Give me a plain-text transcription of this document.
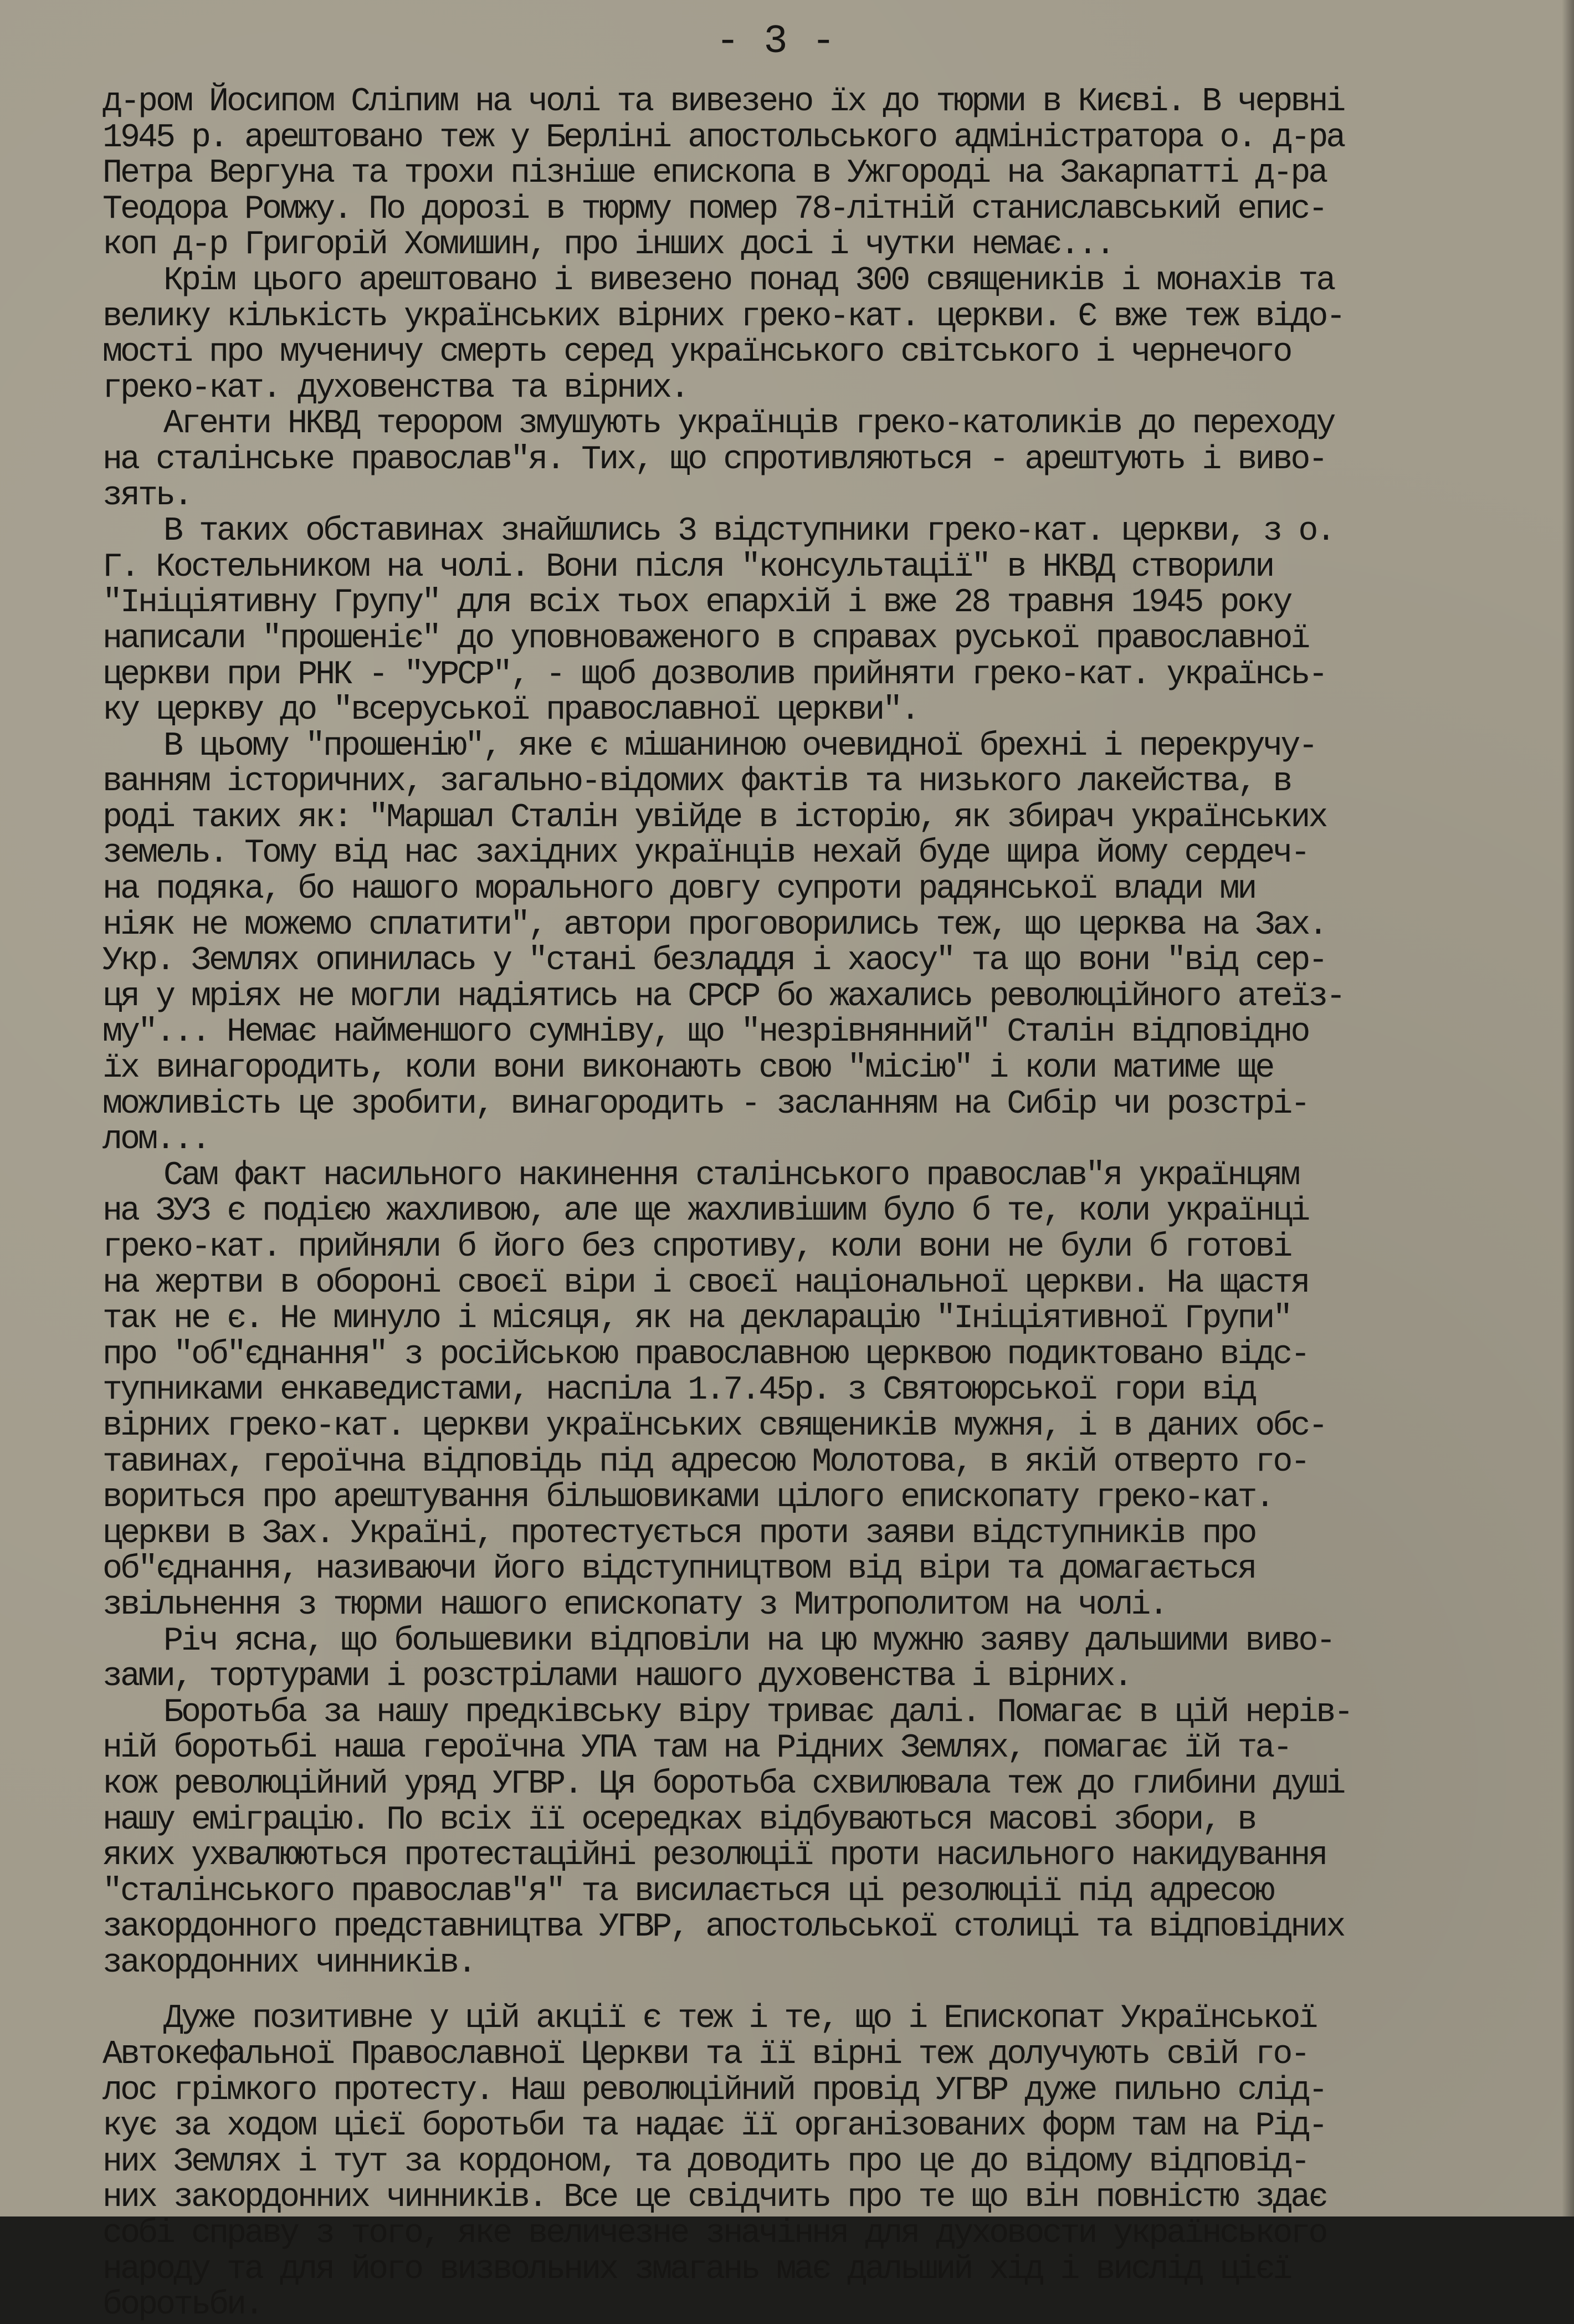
- 3 -
д-ром Йосипом Сліпим на чолі та вивезено їх до тюрми в Києві. В червні
1945 р. арештовано теж у Берліні апостольського адміністратора о. д-ра
Петра Вергуна та трохи пізніше епископа в Ужгороді на Закарпатті д-ра
Теодора Ромжу. По дорозі в тюрму помер 78-літній станиславський епис-
коп д-р Григорій Хомишин, про інших досі і чутки немає...
Крім цього арештовано і вивезено понад 300 священиків і монахів та
велику кількість українських вірних греко-кат. церкви. Є вже теж відо-
мості про мученичу смерть серед українського світського і чернечого
греко-кат. духовенства та вірних.
Агенти НКВД терором змушують українців греко-католиків до переходу
на сталінське православ"я. Тих, що спротивляються - арештують і виво-
зять.
В таких обставинах знайшлись 3 відступники греко-кат. церкви, з о.
Г. Костельником на чолі. Вони після "консультації" в НКВД створили
"Ініціятивну Групу" для всіх тьох епархій і вже 28 травня 1945 року
написали "прошеніє" до уповноваженого в справах руської православної
церкви при РНК - "УРСР", - щоб дозволив прийняти греко-кат. українсь-
ку церкву до "всеруської православної церкви".
В цьому "прошенію", яке є мішаниною очевидної брехні і перекручу-
ванням історичних, загально-відомих фактів та низького лакейства, в
роді таких як: "Маршал Сталін увійде в історію, як збирач українських
земель. Тому від нас західних українців нехай буде щира йому сердеч-
на подяка, бо нашого морального довгу супроти радянської влади ми
ніяк не можемо сплатити", автори проговорились теж, що церква на Зах.
Укр. Землях опинилась у "стані безладдя і хаосу" та що вони "від сер-
ця у мріях не могли надіятись на СРСР бо жахались революційного атеїз-
му"... Немає найменшого сумніву, що "незрівнянний" Сталін відповідно
їх винагородить, коли вони виконають свою "місію" і коли матиме ще
можливість це зробити, винагородить - засланням на Сибір чи розстрі-
лом...
Сам факт насильного накинення сталінського православ"я українцям
на ЗУЗ є подією жахливою, але ще жахливішим було б те, коли українці
греко-кат. прийняли б його без спротиву, коли вони не були б готові
на жертви в обороні своєї віри і своєї національної церкви. На щастя
так не є. Не минуло і місяця, як на декларацію "Ініціятивної Групи"
про "об"єднання" з російською православною церквою подиктовано відс-
тупниками енкаведистами, наспіла 1.7.45р. з Святоюрської гори від
вірних греко-кат. церкви українських священиків мужня, і в даних обс-
тавинах, героїчна відповідь під адресою Молотова, в якій отверто го-
вориться про арештування більшовиками цілого епископату греко-кат.
церкви в Зах. Україні, протестується проти заяви відступників про
об"єднання, називаючи його відступництвом від віри та домагається
звільнення з тюрми нашого епископату з Митрополитом на чолі.
Річ ясна, що большевики відповіли на цю мужню заяву дальшими виво-
зами, тортурами і розстрілами нашого духовенства і вірних.
Боротьба за нашу предківську віру триває далі. Помагає в цій нерів-
ній боротьбі наша героїчна УПА там на Рідних Землях, помагає їй та-
кож революційний уряд УГВР. Ця боротьба схвилювала теж до глибини душі
нашу еміграцію. По всіх її осередках відбуваються масові збори, в
яких ухвалюються протестаційні резолюції проти насильного накидування
"сталінського православ"я" та висилається ці резолюції під адресою
закордонного представництва УГВР, апостольської столиці та відповідних
закордонних чинників.
Дуже позитивне у цій акції є теж і те, що і Епископат Української
Автокефальної Православної Церкви та її вірні теж долучують свій го-
лос грімкого протесту. Наш революційний провід УГВР дуже пильно слід-
кує за ходом цієї боротьби та надає її організованих форм там на Рід-
них Землях і тут за кордоном, та доводить про це до відому відповід-
них закордонних чинників. Все це свідчить про те що він повністю здає
собі справу з того, яке величезне значіння для духовости українського
народу та для його визвольних змагань має дальший хід і вислід цієї
боротьби.
